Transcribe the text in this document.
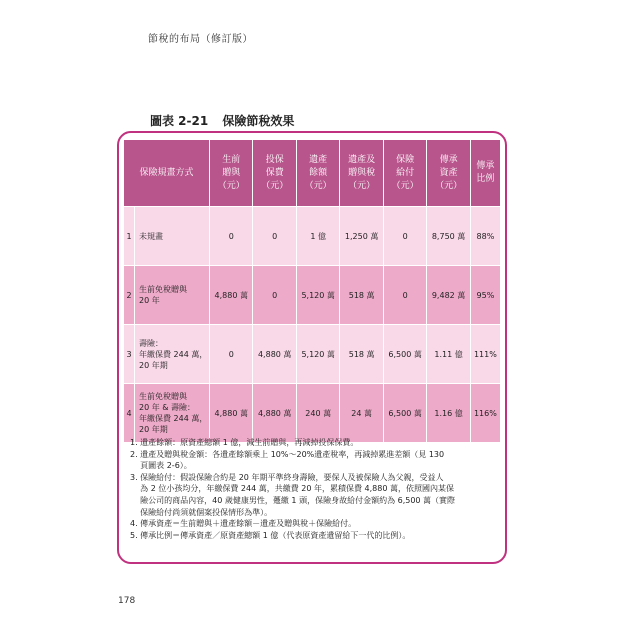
節稅的布局（修訂版）
圖表 2-21 保險節稅效果
保險規畫方式		生前
贈與
（元）	投保
保費
（元）	遺產
餘額
（元）	遺產及
贈與稅
（元）	保險
給付
（元）	傳承
資產
（元）	傳承
比例
1	未規畫	0	0	1 億	1,250 萬	0	8,750 萬	88%
2	生前免稅贈與
20 年	4,880 萬	0	5,120 萬	518 萬	0	9,482 萬	95%
3	壽險：
年繳保費 244 萬，
20 年期	0	4,880 萬	5,120 萬	518 萬	6,500 萬	1.11 億	111%
4	生前免稅贈與
20 年 & 壽險：
年繳保費 244 萬，
20 年期	4,880 萬	4,880 萬	240 萬	24 萬	6,500 萬	1.16 億	116%
1. 遺產餘額：原資產總額 1 億，減生前贈與，再減掉投保保費。
2. 遺產及贈與稅金額：各遺產餘額乘上 10%～20%遺產稅率，再減掉累進差額（見 130
頁圖表 2-6）。
3. 保險給付：假設保險合約是 20 年期平準終身壽險，要保人及被保險人為父親，受益人
為 2 位小孩均分，年繳保費 244 萬，共繳費 20 年，累積保費 4,880 萬，依照國內某保
險公司的商品內容，40 歲健康男性，躉繳 1 頭，保險身故給付金額約為 6,500 萬（實際
保險給付尚須就個案投保情形為準）。
4. 傳承資產＝生前贈與＋遺產餘額－遺產及贈與稅＋保險給付。
5. 傳承比例＝傳承資產／原資產總額 1 億（代表原資產遺留給下一代的比例）。
178
